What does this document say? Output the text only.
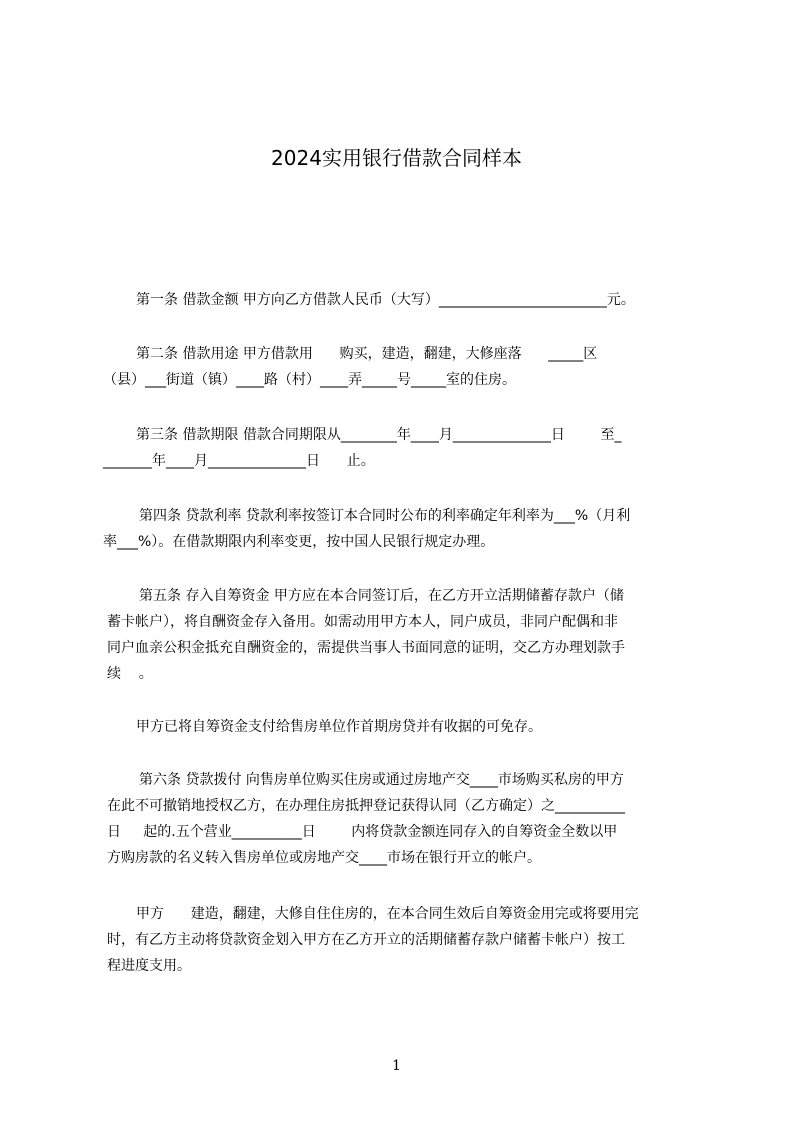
2024实用银行借款合同样本
第一条 借款金额 甲方向乙方借款人民币（大写）________________________元。
第二条 借款用途 甲方借款用      购买，建造，翻建，大修座落      _____区
（县）___街道（镇）____路（村）____弄_____号_____室的住房。
第三条 借款期限 借款合同期限从________年____月______________日        至_
_______年____月______________日      止。
第四条 贷款利率 贷款利率按签订本合同时公布的利率确定年利率为___%（月利
率___%）。在借款期限内利率变更，按中国人民银行规定办理。
第五条 存入自筹资金 甲方应在本合同签订后，在乙方开立活期储蓄存款户（储
蓄卡帐户），将自酬资金存入备用。如需动用甲方本人，同户成员，非同户配偶和非
同户血亲公积金抵充自酬资金的，需提供当事人书面同意的证明，交乙方办理划款手
续    。
甲方已将自筹资金支付给售房单位作首期房贷并有收据的可免存。
第六条 贷款拨付 向售房单位购买住房或通过房地产交____市场购买私房的甲方
在此不可撤销地授权乙方，在办理住房抵押登记获得认同（乙方确定）之__________
日     起的.五个营业__________日        内将贷款金额连同存入的自筹资金全数以甲
方购房款的名义转入售房单位或房地产交____市场在银行开立的帐户。
甲方      建造，翻建，大修自住住房的，在本合同生效后自筹资金用完或将要用完
时，有乙方主动将贷款资金划入甲方在乙方开立的活期储蓄存款户储蓄卡帐户）按工
程进度支用。
1
